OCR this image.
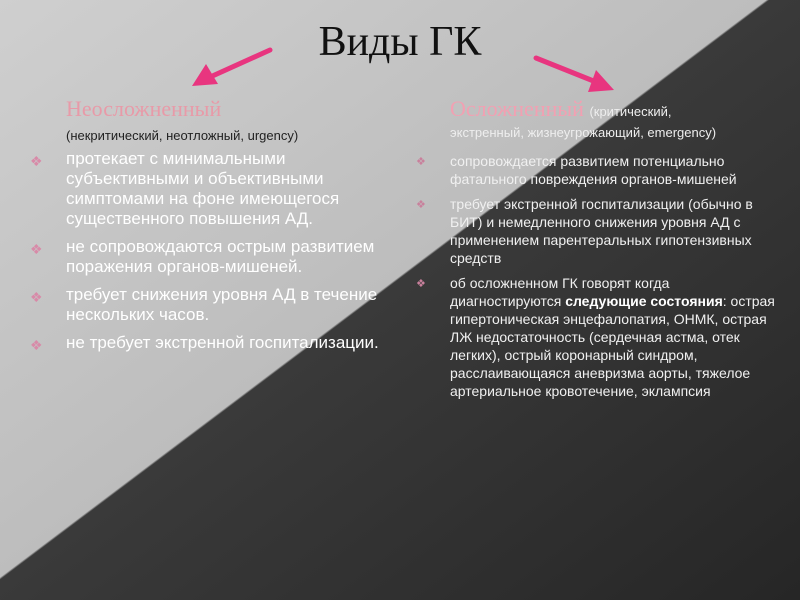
Виды ГК
Неосложненный
(некритический, неотложный, urgency)
❖ протекает с минимальными субъективными и объективными симптомами на фоне имеющегося существенного повышения АД.
❖ не сопровождаются острым развитием поражения органов-мишеней.
❖ требует снижения уровня АД в течение нескольких часов.
❖ не требует экстренной госпитализации.
Осложненный (критический,
экстренный, жизнеугрожающий, emergency)
❖ сопровождается развитием потенциально фатального повреждения органов-мишеней
❖ требует экстренной госпитализации (обычно в БИТ) и немедленного снижения уровня АД с применением парентеральных гипотензивных средств
❖ об осложненном ГК говорят когда диагностируются следующие состояния: острая гипертоническая энцефалопатия, ОНМК, острая ЛЖ недостаточность (сердечная астма, отек легких), острый коронарный синдром, расслаивающаяся аневризма аорты, тяжелое артериальное кровотечение, эклампсия
